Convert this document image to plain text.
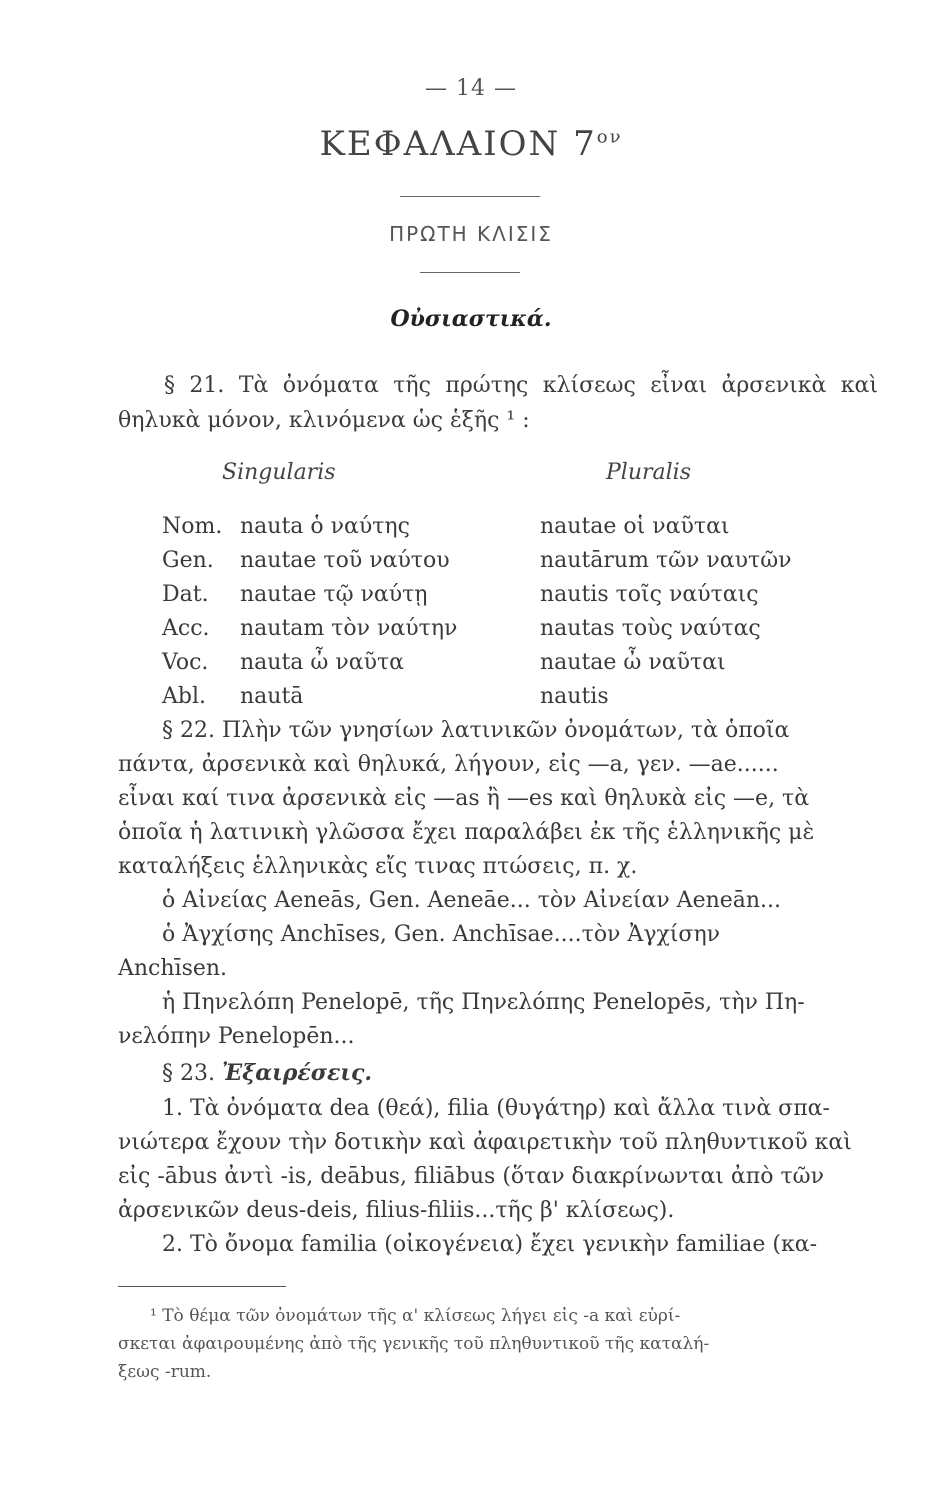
— 14 —
ΚΕΦΑΛΑΙΟΝ $7^{o\nu}$
ΠΡΩΤΗ ΚΛΙΣΙΣ
Οὐσιαστικά.
§ 21. Τὰ ὀνόματα τῆς πρώτης κλίσεως εἶναι ἀρσενικὰ καὶ θηλυκὰ μόνον, κλινόμενα ὡς ἑξῆς ¹ :
Singularis	Pluralis
Nom. nauta ὁ ναύτης	nautae οἱ ναῦται
Gen.	nautae τοῦ ναύτου	nautārum τῶν ναυτῶν
Dat.	nautae τῷ ναύτῃ	nautis τοῖς ναύταις
Acc.	nautam τὸν ναύτην	nautas τοὺς ναύτας
Voc.	nauta ὦ ναῦτα	nautae ὦ ναῦται
Abl.	nautā	nautis
§ 22. Πλὴν τῶν γνησίων λατινικῶν ὀνομάτων, τὰ ὁποῖα
πάντα, ἀρσενικὰ καὶ θηλυκά, λήγουν, εἰς —a, γεν. —ae......
εἶναι καί τινα ἀρσενικὰ εἰς —as ἢ —es καὶ θηλυκὰ εἰς —e, τὰ
ὁποῖα ἡ λατινικὴ γλῶσσα ἔχει παραλάβει ἐκ τῆς ἑλληνικῆς μὲ
καταλήξεις ἑλληνικὰς εἴς τινας πτώσεις, π. χ.
ὁ Αἰνείας Aeneās, Gen. Aeneāe... τὸν Αἰνείαν Aeneān...
ὁ Ἀγχίσης Anchīses, Gen. Anchīsae....τὸν Ἀγχίσην
Anchīsen.
ἡ Πηνελόπη Penelopē, τῆς Πηνελόπης Penelopēs, τὴν Πη-
νελόπην Penelopēn...
§ 23. Ἐξαιρέσεις.
1. Τὰ ὀνόματα dea (θεά), filia (θυγάτηρ) καὶ ἄλλα τινὰ σπα-
νιώτερα ἔχουν τὴν δοτικὴν καὶ ἀφαιρετικὴν τοῦ πληθυντικοῦ καὶ
εἰς -ābus ἀντὶ -is, deābus, filiābus (ὅταν διακρίνωνται ἀπὸ τῶν
ἀρσενικῶν deus-deis, filius-filiis...τῆς β' κλίσεως).
2. Τὸ ὄνομα familia (οἰκογένεια) ἔχει γενικὴν familiae (κα-
¹ Τὸ θέμα τῶν ὀνομάτων τῆς α' κλίσεως λήγει εἰς -a καὶ εὑρί-
σκεται ἀφαιρουμένης ἀπὸ τῆς γενικῆς τοῦ πληθυντικοῦ τῆς καταλή-
ξεως -rum.
